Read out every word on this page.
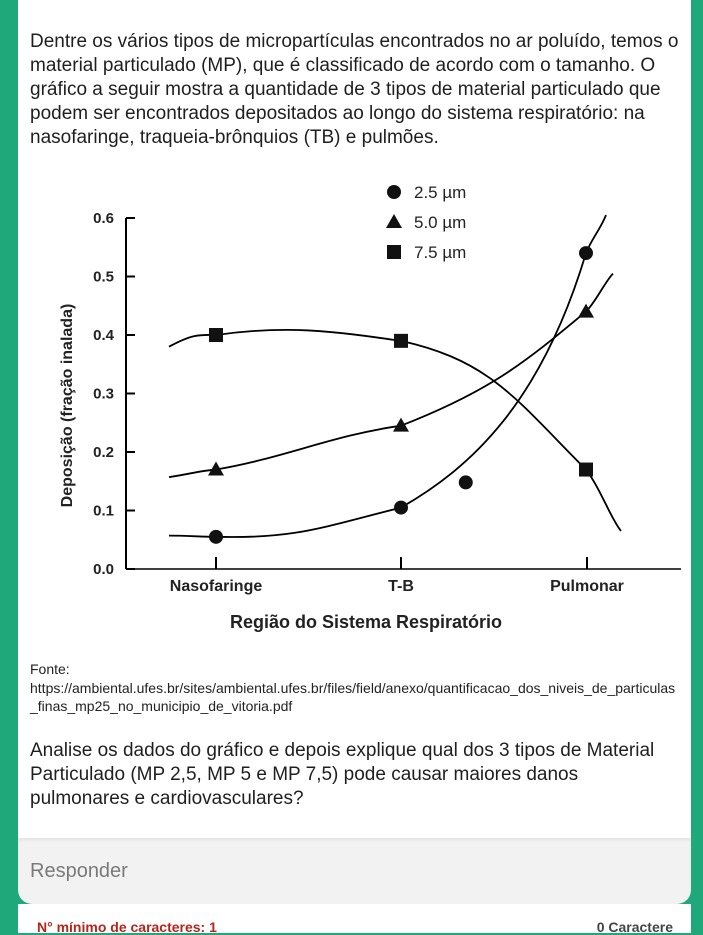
Dentre os vários tipos de micropartículas encontrados no ar poluído, temos o material particulado (MP), que é classificado de acordo com o tamanho. O gráfico a seguir mostra a quantidade de 3 tipos de material particulado que podem ser encontrados depositados ao longo do sistema respiratório: na nasofaringe, traqueia-brônquios (TB) e pulmões.
0.0
0.1
0.2
0.3
0.4
0.5
0.6
Nasofaringe	T-B	Pulmonar
Região do Sistema Respiratório
Deposição (fração inalada)
2.5 µm
5.0 µm
7.5 µm
Fonte:
https://ambiental.ufes.br/sites/ambiental.ufes.br/files/field/anexo/quantificacao_dos_niveis_de_particulas_finas_mp25_no_municipio_de_vitoria.pdf
Analise os dados do gráfico e depois explique qual dos 3 tipos de Material Particulado (MP 2,5, MP 5 e MP 7,5) pode causar maiores danos pulmonares e cardiovasculares?
Responder
N° mínimo de caracteres: 1	0 Caractere
